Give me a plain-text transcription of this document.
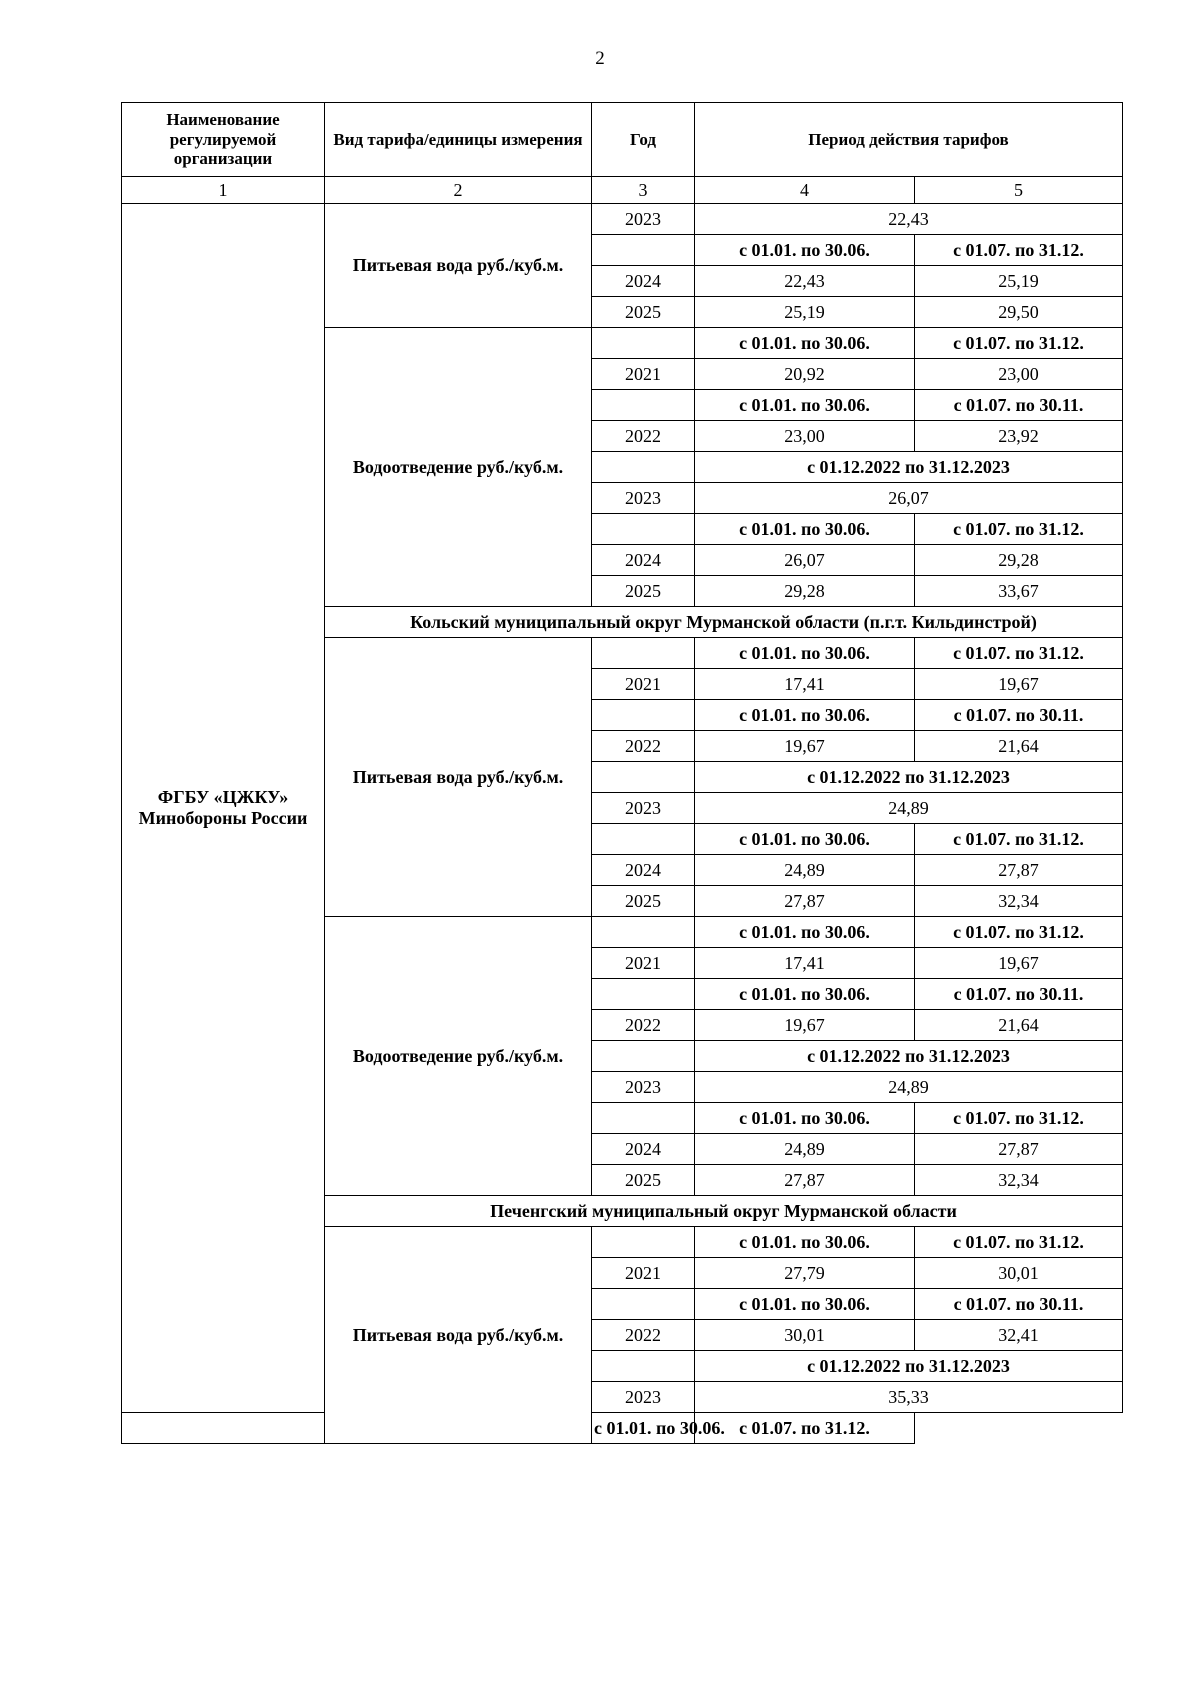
2
Наименование регулируемой организации	Вид тарифа/единицы измерения	Год	Период действия тарифов	
1	2	3	4	5
ФГБУ «ЦЖКУ» Минобороны России	Питьевая вода руб./куб.м.	2023	22,43	
			с 01.01. по 30.06.	с 01.07. по 31.12.
		2024	22,43	25,19
		2025	25,19	29,50
	Водоотведение руб./куб.м.		с 01.01. по 30.06.	с 01.07. по 31.12.
		2021	20,92	23,00
			с 01.01. по 30.06.	с 01.07. по 30.11.
		2022	23,00	23,92
			с 01.12.2022 по 31.12.2023	
		2023	26,07	
			с 01.01. по 30.06.	с 01.07. по 31.12.
		2024	26,07	29,28
		2025	29,28	33,67
	Кольский муниципальный округ Мурманской области (п.г.т. Кильдинстрой)			
	Питьевая вода руб./куб.м.		с 01.01. по 30.06.	с 01.07. по 31.12.
		2021	17,41	19,67
			с 01.01. по 30.06.	с 01.07. по 30.11.
		2022	19,67	21,64
			с 01.12.2022 по 31.12.2023	
		2023	24,89	
			с 01.01. по 30.06.	с 01.07. по 31.12.
		2024	24,89	27,87
		2025	27,87	32,34
	Водоотведение руб./куб.м.		с 01.01. по 30.06.	с 01.07. по 31.12.
		2021	17,41	19,67
			с 01.01. по 30.06.	с 01.07. по 30.11.
		2022	19,67	21,64
			с 01.12.2022 по 31.12.2023	
		2023	24,89	
			с 01.01. по 30.06.	с 01.07. по 31.12.
		2024	24,89	27,87
		2025	27,87	32,34
	Печенгский муниципальный округ Мурманской области			
	Питьевая вода руб./куб.м.		с 01.01. по 30.06.	с 01.07. по 31.12.
		2021	27,79	30,01
			с 01.01. по 30.06.	с 01.07. по 30.11.
		2022	30,01	32,41
			с 01.12.2022 по 31.12.2023	
		2023	35,33	
		с 01.01. по 30.06.	с 01.07. по 31.12.	
